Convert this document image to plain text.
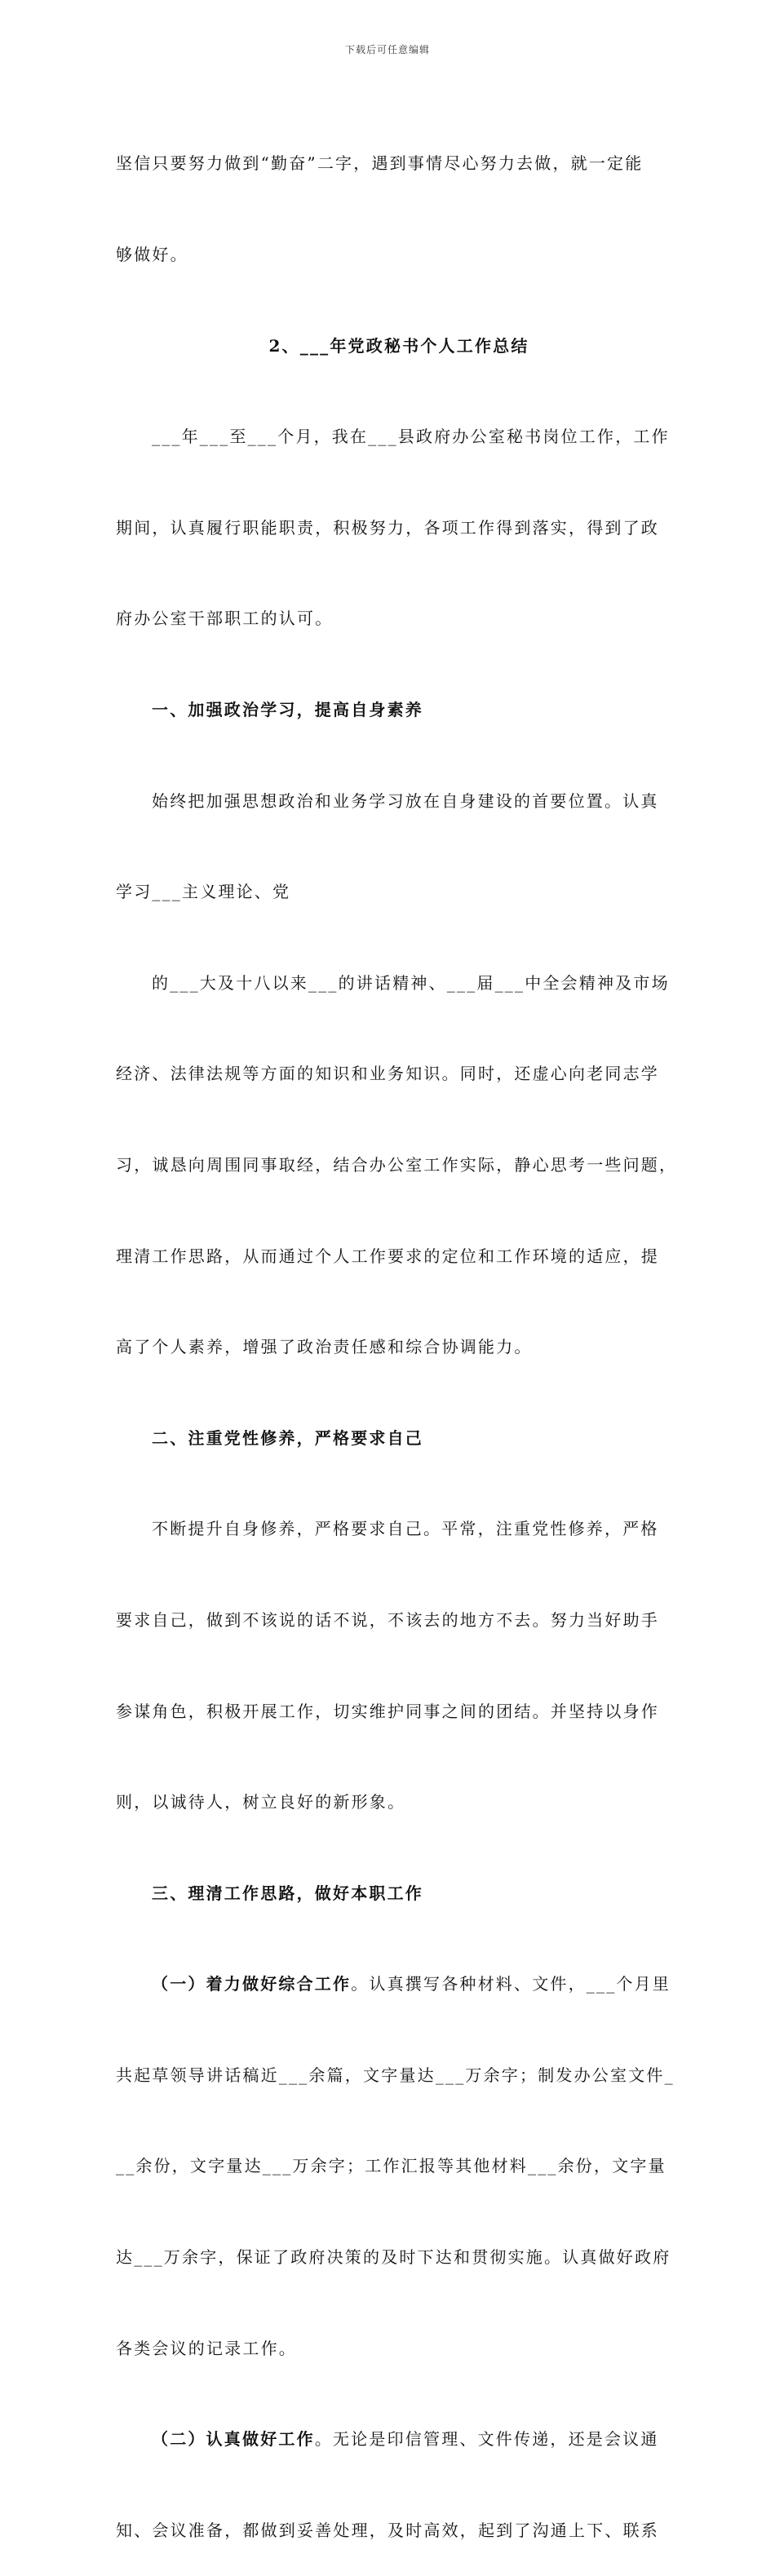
下载后可任意编辑

坚信只要努力做到“勤奋”二字，遇到事情尽心努力去做，就一定能

够做好。

2、___年党政秘书个人工作总结

___年___至___个月，我在___县政府办公室秘书岗位工作，工作

期间，认真履行职能职责，积极努力，各项工作得到落实，得到了政

府办公室干部职工的认可。

一、加强政治学习，提高自身素养

始终把加强思想政治和业务学习放在自身建设的首要位置。认真

学习___主义理论、党

的___大及十八以来___的讲话精神、___届___中全会精神及市场

经济、法律法规等方面的知识和业务知识。同时，还虚心向老同志学

习，诚恳向周围同事取经，结合办公室工作实际，静心思考一些问题，

理清工作思路，从而通过个人工作要求的定位和工作环境的适应，提

高了个人素养，增强了政治责任感和综合协调能力。

二、注重党性修养，严格要求自己

不断提升自身修养，严格要求自己。平常，注重党性修养，严格

要求自己，做到不该说的话不说，不该去的地方不去。努力当好助手

参谋角色，积极开展工作，切实维护同事之间的团结。并坚持以身作

则，以诚待人，树立良好的新形象。

三、理清工作思路，做好本职工作

（一）着力做好综合工作。认真撰写各种材料、文件，___个月里

共起草领导讲话稿近___余篇，文字量达___万余字；制发办公室文件_

__余份，文字量达___万余字；工作汇报等其他材料___余份，文字量

达___万余字，保证了政府决策的及时下达和贯彻实施。认真做好政府

各类会议的记录工作。

（二）认真做好工作。无论是印信管理、文件传递，还是会议通

知、会议准备，都做到妥善处理，及时高效，起到了沟通上下、联系
